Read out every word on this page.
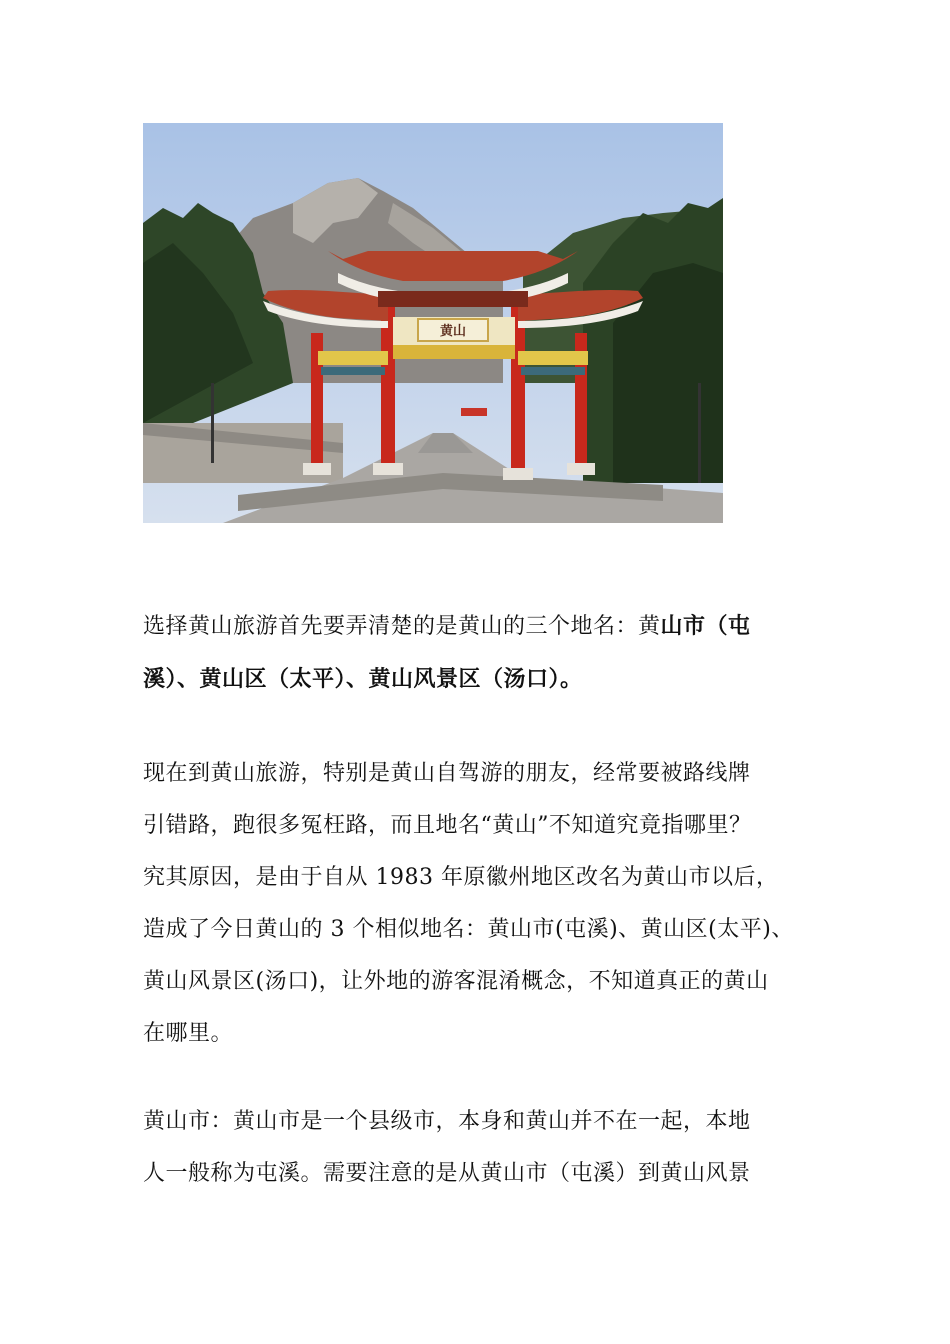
黄山

选择黄山旅游首先要弄清楚的是黄山的三个地名：黄山市（屯

溪）、黄山区（太平）、黄山风景区（汤口）。

现在到黄山旅游，特别是黄山自驾游的朋友，经常要被路线牌

引错路，跑很多冤枉路，而且地名“黄山”不知道究竟指哪里？

究其原因，是由于自从 1983 年原徽州地区改名为黄山市以后，

造成了今日黄山的 3 个相似地名：黄山市(屯溪)、黄山区(太平)、

黄山风景区(汤口)，让外地的游客混淆概念，不知道真正的黄山

在哪里。

黄山市：黄山市是一个县级市，本身和黄山并不在一起，本地

人一般称为屯溪。需要注意的是从黄山市（屯溪）到黄山风景
